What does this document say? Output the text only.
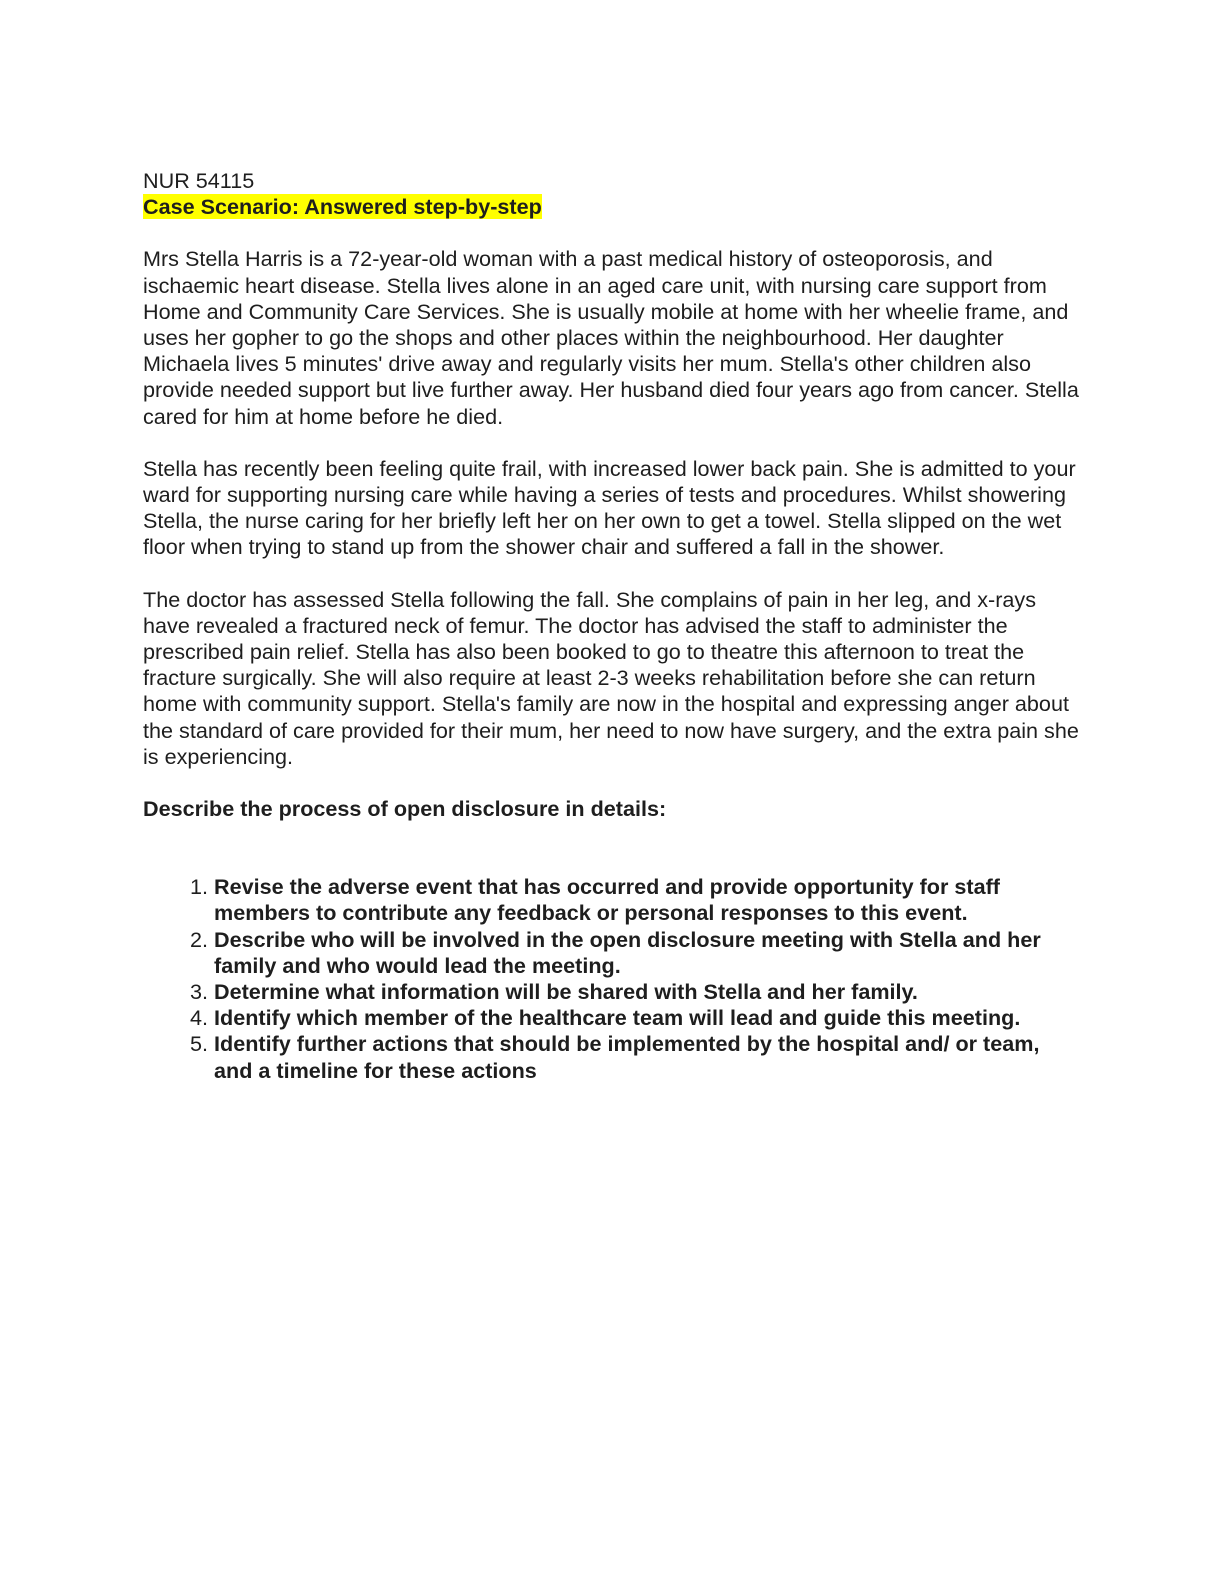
NUR 54115

Case Scenario: Answered step-by-step

Mrs Stella Harris is a 72-year-old woman with a past medical history of osteoporosis, and ischaemic heart disease. Stella lives alone in an aged care unit, with nursing care support from Home and Community Care Services. She is usually mobile at home with her wheelie frame, and uses her gopher to go the shops and other places within the neighbourhood. Her daughter Michaela lives 5 minutes' drive away and regularly visits her mum. Stella's other children also provide needed support but live further away. Her husband died four years ago from cancer. Stella cared for him at home before he died.

Stella has recently been feeling quite frail, with increased lower back pain. She is admitted to your ward for supporting nursing care while having a series of tests and procedures. Whilst showering Stella, the nurse caring for her briefly left her on her own to get a towel. Stella slipped on the wet floor when trying to stand up from the shower chair and suffered a fall in the shower.

The doctor has assessed Stella following the fall. She complains of pain in her leg, and x-rays have revealed a fractured neck of femur. The doctor has advised the staff to administer the prescribed pain relief. Stella has also been booked to go to theatre this afternoon to treat the fracture surgically. She will also require at least 2-3 weeks rehabilitation before she can return home with community support. Stella's family are now in the hospital and expressing anger about the standard of care provided for their mum, her need to now have surgery, and the extra pain she is experiencing.

Describe the process of open disclosure in details:

1. Revise the adverse event that has occurred and provide opportunity for staff members to contribute any feedback or personal responses to this event.
2. Describe who will be involved in the open disclosure meeting with Stella and her family and who would lead the meeting.
3. Determine what information will be shared with Stella and her family.
4. Identify which member of the healthcare team will lead and guide this meeting.
5. Identify further actions that should be implemented by the hospital and/ or team, and a timeline for these actions
